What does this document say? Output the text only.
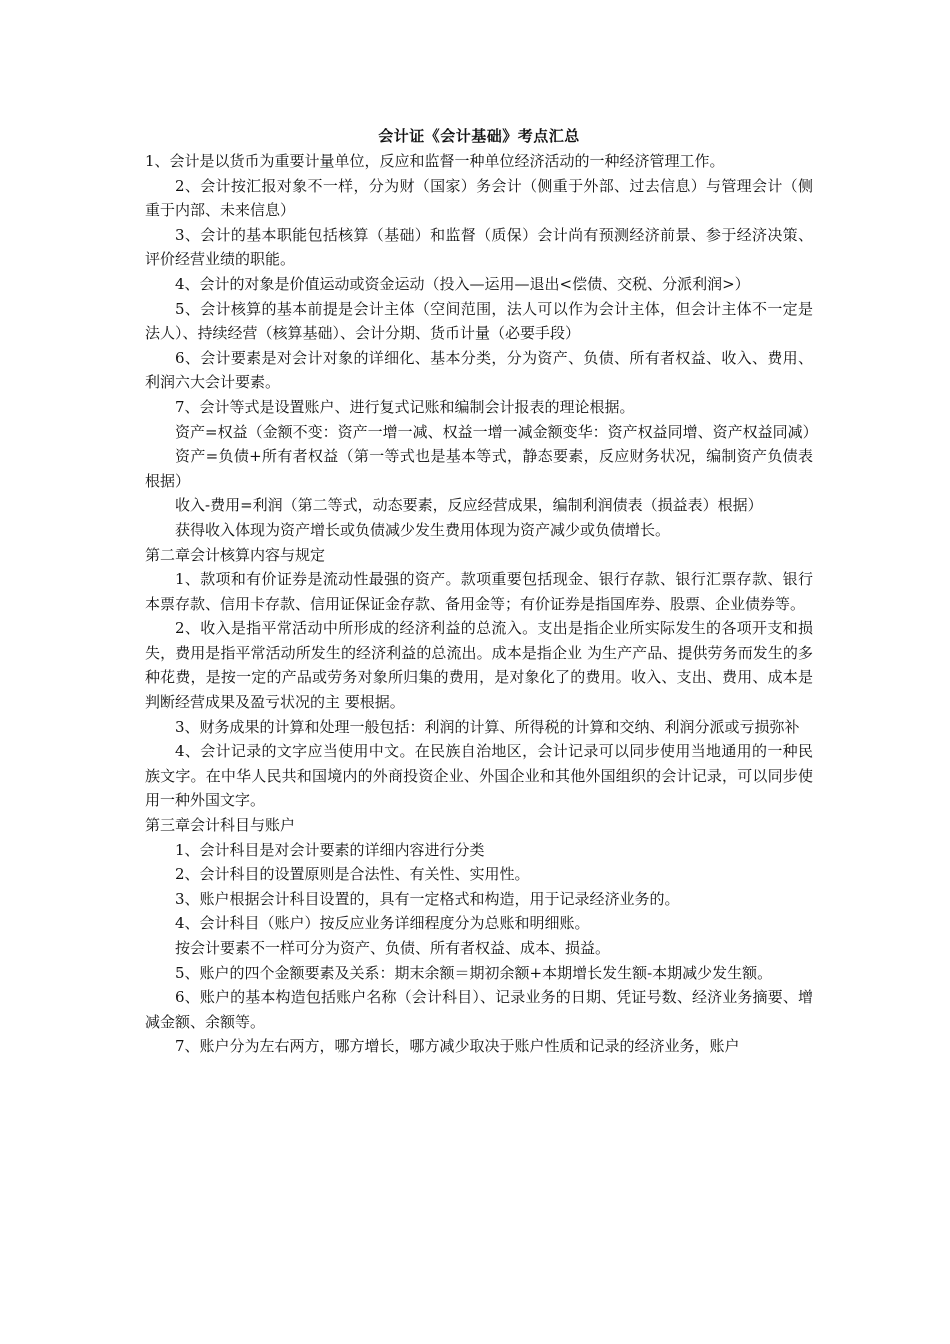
会计证《会计基础》考点汇总

1、会计是以货币为重要计量单位，反应和监督一种单位经济活动的一种经济管理工作。

2、会计按汇报对象不一样，分为财（国家）务会计（侧重于外部、过去信息）与管理会计（侧重于内部、未来信息）

3、会计的基本职能包括核算（基础）和监督（质保）会计尚有预测经济前景、参于经济决策、评价经营业绩的职能。

4、会计的对象是价值运动或资金运动（投入—运用—退出<偿债、交税、分派利润>）

5、会计核算的基本前提是会计主体（空间范围，法人可以作为会计主体，但会计主体不一定是法人）、持续经营（核算基础）、会计分期、货币计量（必要手段）

6、会计要素是对会计对象的详细化、基本分类，分为资产、负债、所有者权益、收入、费用、利润六大会计要素。

7、会计等式是设置账户、进行复式记账和编制会计报表的理论根据。

资产=权益（金额不变：资产一增一减、权益一增一减金额变华：资产权益同增、资产权益同减）

资产=负债+所有者权益（第一等式也是基本等式，静态要素，反应财务状况，编制资产负债表根据）

收入-费用=利润（第二等式，动态要素，反应经营成果，编制利润债表（损益表）根据）

获得收入体现为资产增长或负债减少发生费用体现为资产减少或负债增长。

第二章会计核算内容与规定

1、款项和有价证券是流动性最强的资产。款项重要包括现金、银行存款、银行汇票存款、银行本票存款、信用卡存款、信用证保证金存款、备用金等；有价证券是指国库券、股票、企业债券等。

2、收入是指平常活动中所形成的经济利益的总流入。支出是指企业所实际发生的各项开支和损失，费用是指平常活动所发生的经济利益的总流出。成本是指企业 为生产产品、提供劳务而发生的多种花费，是按一定的产品或劳务对象所归集的费用，是对象化了的费用。收入、支出、费用、成本是判断经营成果及盈亏状况的主 要根据。

3、财务成果的计算和处理一般包括：利润的计算、所得税的计算和交纳、利润分派或亏损弥补

4、会计记录的文字应当使用中文。在民族自治地区，会计记录可以同步使用当地通用的一种民族文字。在中华人民共和国境内的外商投资企业、外国企业和其他外国组织的会计记录，可以同步使用一种外国文字。

第三章会计科目与账户

1、会计科目是对会计要素的详细内容进行分类

2、会计科目的设置原则是合法性、有关性、实用性。

3、账户根据会计科目设置的，具有一定格式和构造，用于记录经济业务的。

4、会计科目（账户）按反应业务详细程度分为总账和明细账。

按会计要素不一样可分为资产、负债、所有者权益、成本、损益。

5、账户的四个金额要素及关系：期末余额＝期初余额+本期增长发生额-本期减少发生额。

6、账户的基本构造包括账户名称（会计科目）、记录业务的日期、凭证号数、经济业务摘要、增减金额、余额等。

7、账户分为左右两方，哪方增长，哪方减少取决于账户性质和记录的经济业务，账户
